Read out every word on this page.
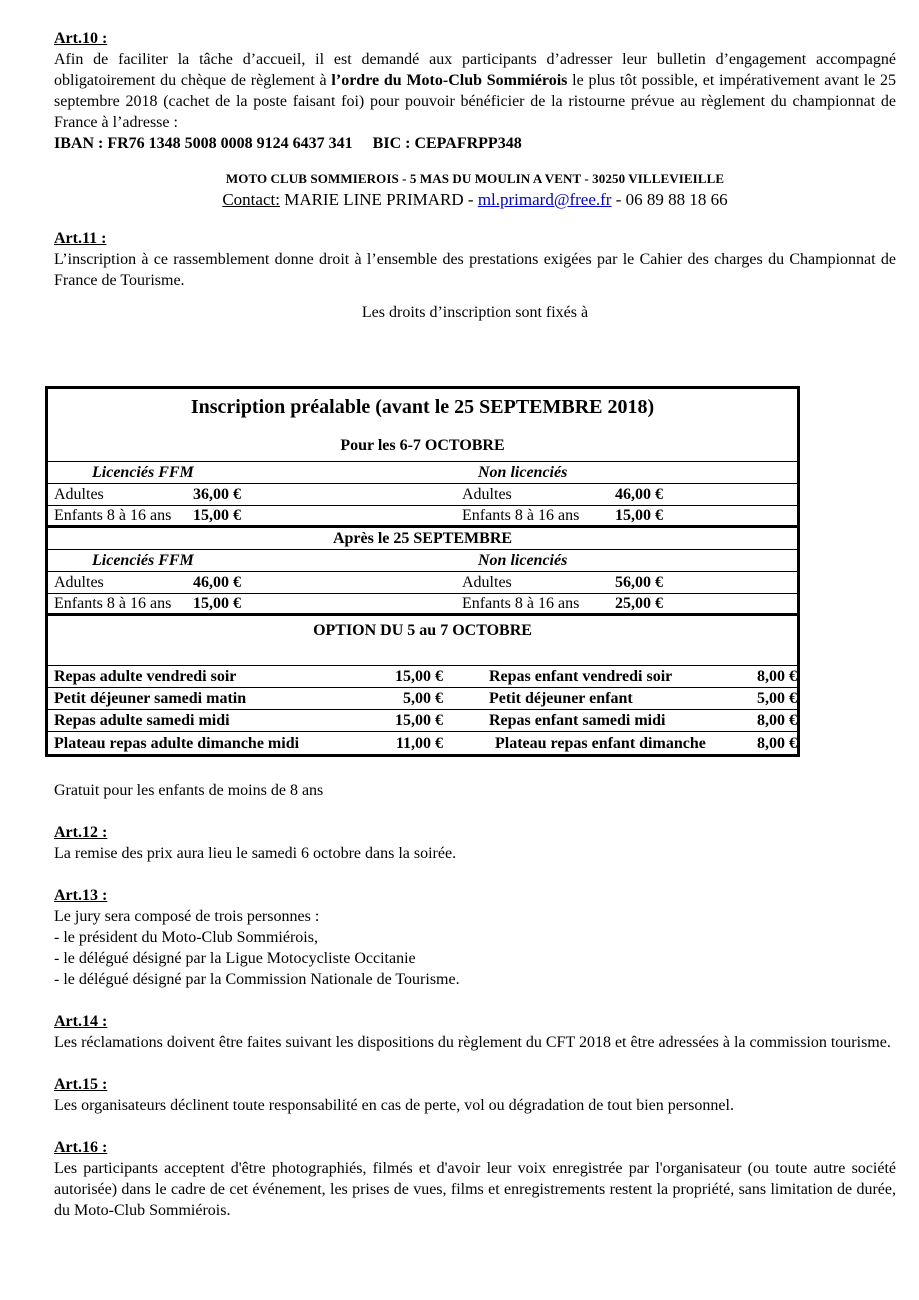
Art.10 :

Afin de faciliter la tâche d’accueil, il est demandé aux participants d’adresser leur bulletin d’engagement accompagné obligatoirement du chèque de règlement à l’ordre du Moto-Club Sommiérois le plus tôt possible, et impérativement avant le 25 septembre 2018 (cachet de la poste faisant foi) pour pouvoir bénéficier de la ristourne prévue au règlement du championnat de France à l’adresse :

IBAN : FR76 1348 5008 0008 9124 6437 341     BIC : CEPAFRPP348

MOTO CLUB SOMMIEROIS - 5 MAS DU MOULIN A VENT - 30250 VILLEVIEILLE

Contact: MARIE LINE PRIMARD - ml.primard@free.fr - 06 89 88 18 66

Art.11 :

L’inscription à ce rassemblement donne droit à l’ensemble des prestations exigées par le Cahier des charges du Championnat de France de Tourisme.

Les droits d’inscription sont fixés à

Inscription préalable (avant le 25 SEPTEMBRE 2018)
Pour les 6-7 OCTOBRE
Licenciés FFM	Non licenciés
Adultes	36,00 €	Adultes	46,00 €
Enfants 8 à 16 ans	15,00 €	Enfants 8 à 16 ans	15,00 €
Après le 25 SEPTEMBRE
Licenciés FFM	Non licenciés
Adultes	46,00 €	Adultes	56,00 €
Enfants 8 à 16 ans	15,00 €	Enfants 8 à 16 ans	25,00 €
OPTION DU 5 au 7 OCTOBRE
Repas adulte vendredi soir	15,00 €	Repas enfant vendredi soir	8,00 €
Petit déjeuner samedi matin	5,00 €	Petit déjeuner enfant	5,00 €
Repas adulte samedi midi	15,00 €	Repas enfant samedi midi	8,00 €
Plateau repas adulte dimanche midi	11,00 €	Plateau repas enfant dimanche	8,00 €

Gratuit pour les enfants de moins de 8 ans

Art.12 :

La remise des prix aura lieu le samedi 6 octobre dans la soirée.

Art.13 :

Le jury sera composé de trois personnes :

- le président du Moto-Club Sommiérois,

- le délégué désigné par la Ligue Motocycliste Occitanie

- le délégué désigné par la Commission Nationale de Tourisme.

Art.14 :

Les réclamations doivent être faites suivant les dispositions du règlement du CFT 2018 et être adressées à la commission tourisme.

Art.15 :

Les organisateurs déclinent toute responsabilité en cas de perte, vol ou dégradation de tout bien personnel.

Art.16 :

Les participants acceptent d'être photographiés, filmés et d'avoir leur voix enregistrée par l'organisateur (ou toute autre société autorisée) dans le cadre de cet événement, les prises de vues, films et enregistrements restent la propriété, sans limitation de durée, du Moto-Club Sommiérois.
